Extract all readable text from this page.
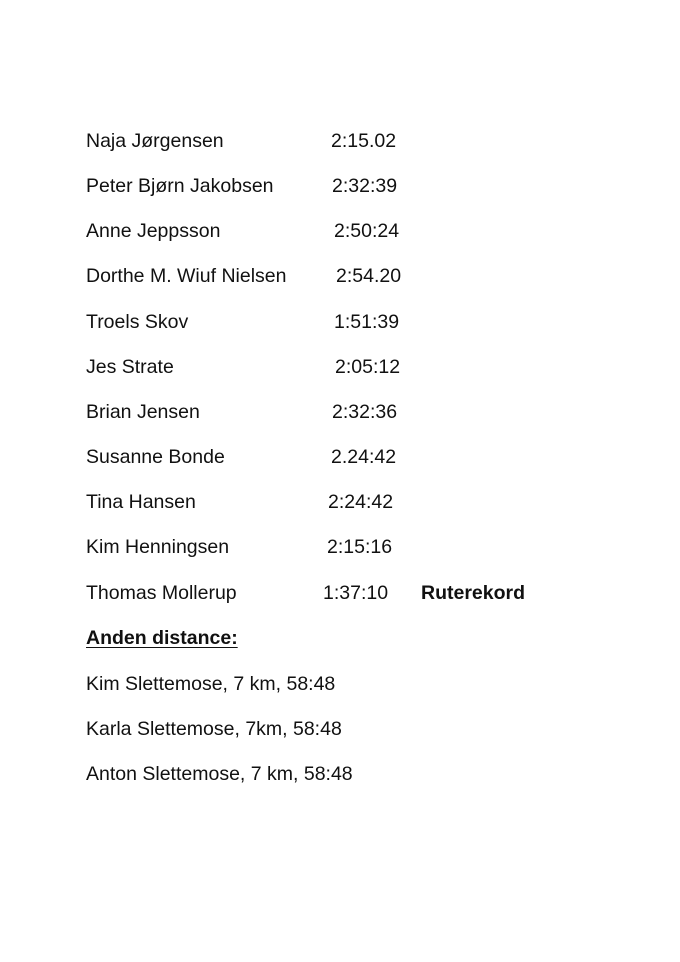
Naja Jørgensen	2:15.02
Peter Bjørn Jakobsen	2:32:39
Anne Jeppsson	2:50:24
Dorthe M. Wiuf Nielsen	2:54.20
Troels Skov	1:51:39
Jes Strate	2:05:12
Brian Jensen	2:32:36
Susanne Bonde	2.24:42
Tina Hansen	2:24:42
Kim Henningsen	2:15:16
Thomas Mollerup	1:37:10 Ruterekord
Anden distance:
Kim Slettemose, 7 km, 58:48
Karla Slettemose, 7km, 58:48
Anton Slettemose, 7 km, 58:48
